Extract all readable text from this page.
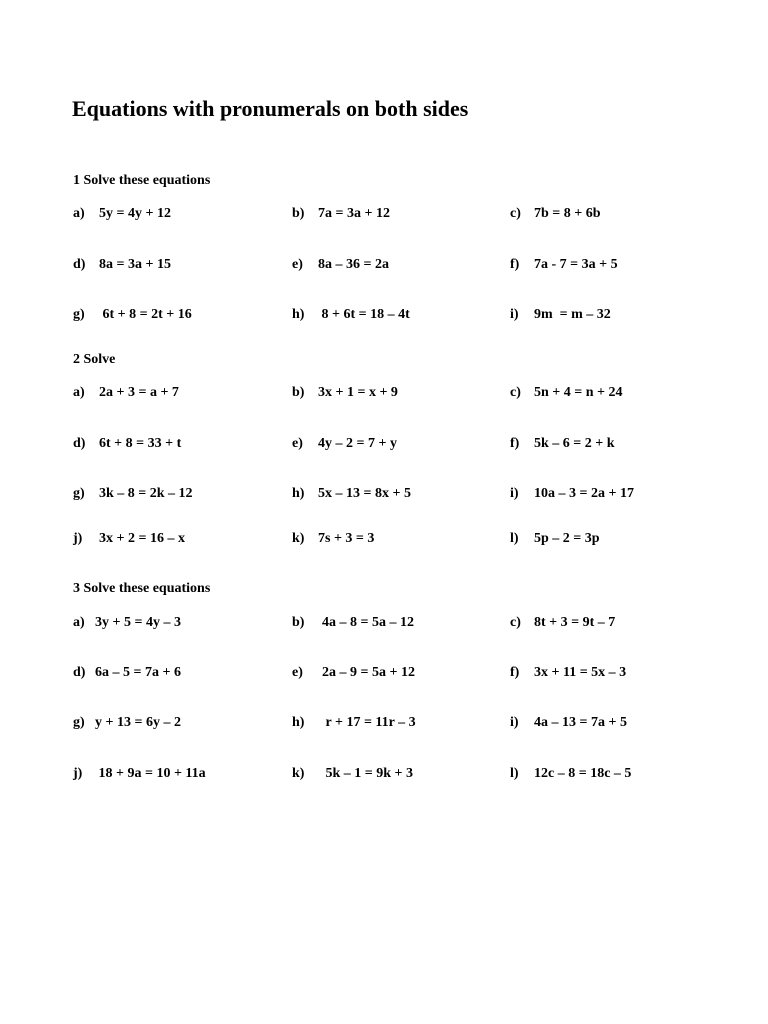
Equations with pronumerals on both sides
1 Solve these equations
a) 5y = 4y + 12	b) 7a = 3a + 12	c) 7b = 8 + 6b
d) 8a = 3a + 15	e) 8a – 36 = 2a	f) 7a - 7 = 3a + 5
g) 6t + 8 = 2t + 16	h) 8 + 6t = 18 – 4t	i) 9m  = m – 32
2 Solve
a) 2a + 3 = a + 7	b) 3x + 1 = x + 9	c) 5n + 4 = n + 24
d) 6t + 8 = 33 + t	e) 4y – 2 = 7 + y	f) 5k – 6 = 2 + k
g) 3k – 8 = 2k – 12	h) 5x – 13 = 8x + 5	i) 10a – 3 = 2a + 17
j) 3x + 2 = 16 – x	k) 7s + 3 = 3	l) 5p – 2 = 3p
3 Solve these equations
a) 3y + 5 = 4y – 3	b) 4a – 8 = 5a – 12	c) 8t + 3 = 9t – 7
d) 6a – 5 = 7a + 6	e) 2a – 9 = 5a + 12	f) 3x + 11 = 5x – 3
g) y + 13 = 6y – 2	h) r + 17 = 11r – 3	i) 4a – 13 = 7a + 5
j) 18 + 9a = 10 + 11a	k) 5k – 1 = 9k + 3	l) 12c – 8 = 18c – 5
